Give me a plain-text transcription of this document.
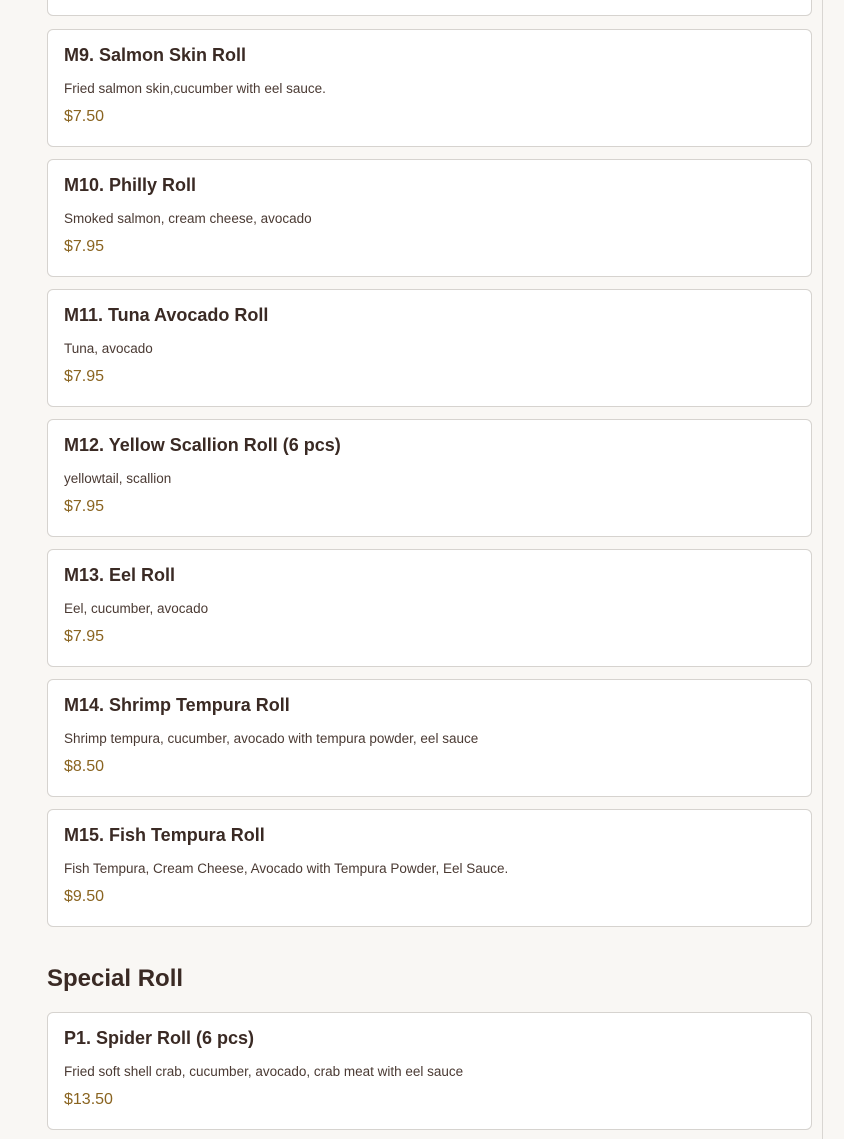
M9. Salmon Skin Roll
Fried salmon skin,cucumber with eel sauce.
$7.50
M10. Philly Roll
Smoked salmon, cream cheese, avocado
$7.95
M11. Tuna Avocado Roll
Tuna, avocado
$7.95
M12. Yellow Scallion Roll (6 pcs)
yellowtail, scallion
$7.95
M13. Eel Roll
Eel, cucumber, avocado
$7.95
M14. Shrimp Tempura Roll
Shrimp tempura, cucumber, avocado with tempura powder, eel sauce
$8.50
M15. Fish Tempura Roll
Fish Tempura, Cream Cheese, Avocado with Tempura Powder, Eel Sauce.
$9.50
Special Roll
P1. Spider Roll (6 pcs)
Fried soft shell crab, cucumber, avocado, crab meat with eel sauce
$13.50
